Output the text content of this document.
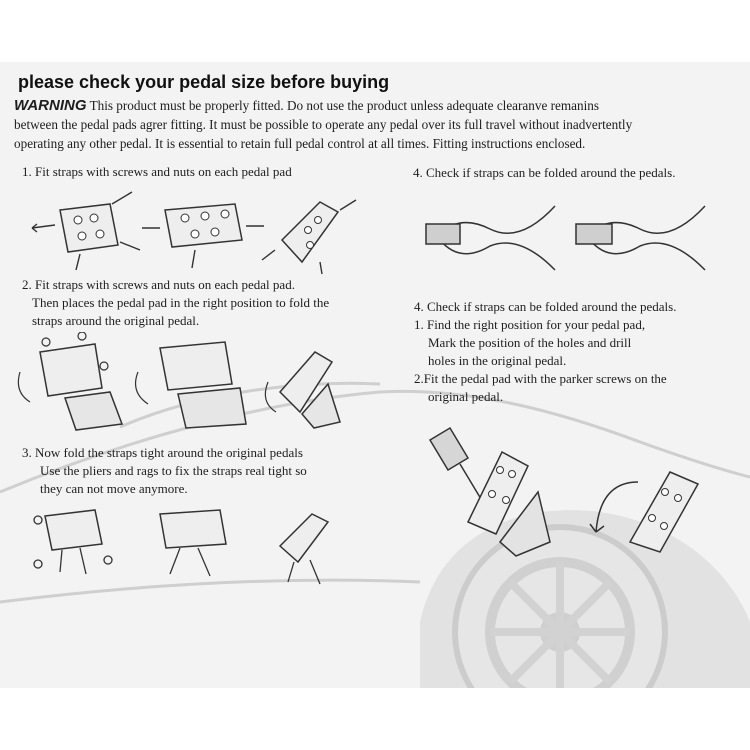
please check your pedal size before buying
WARNING This product must be properly fitted. Do not use the product unless adequate clearanve remanins
between the pedal pads agrer fitting. It must be possible to operate any pedal over its full travel without inadvertently
operating any other pedal. It is essential to retain full pedal control at all times. Fitting instructions enclosed.
1. Fit straps with screws and nuts on each pedal pad
2. Fit straps with screws and nuts on each pedal pad.
Then places the pedal pad in the right position to fold the
straps around the original pedal.
3. Now fold the straps tight around the original pedals
Use the pliers and rags to fix the straps real tight so
they can not move anymore.
4. Check if straps can be folded around the pedals.
4. Check if straps can be folded around the pedals.
1. Find the right position for your pedal pad,
Mark the position of the holes and drill
holes in the original pedal.
2.Fit the pedal pad with the parker screws on the
original pedal.
